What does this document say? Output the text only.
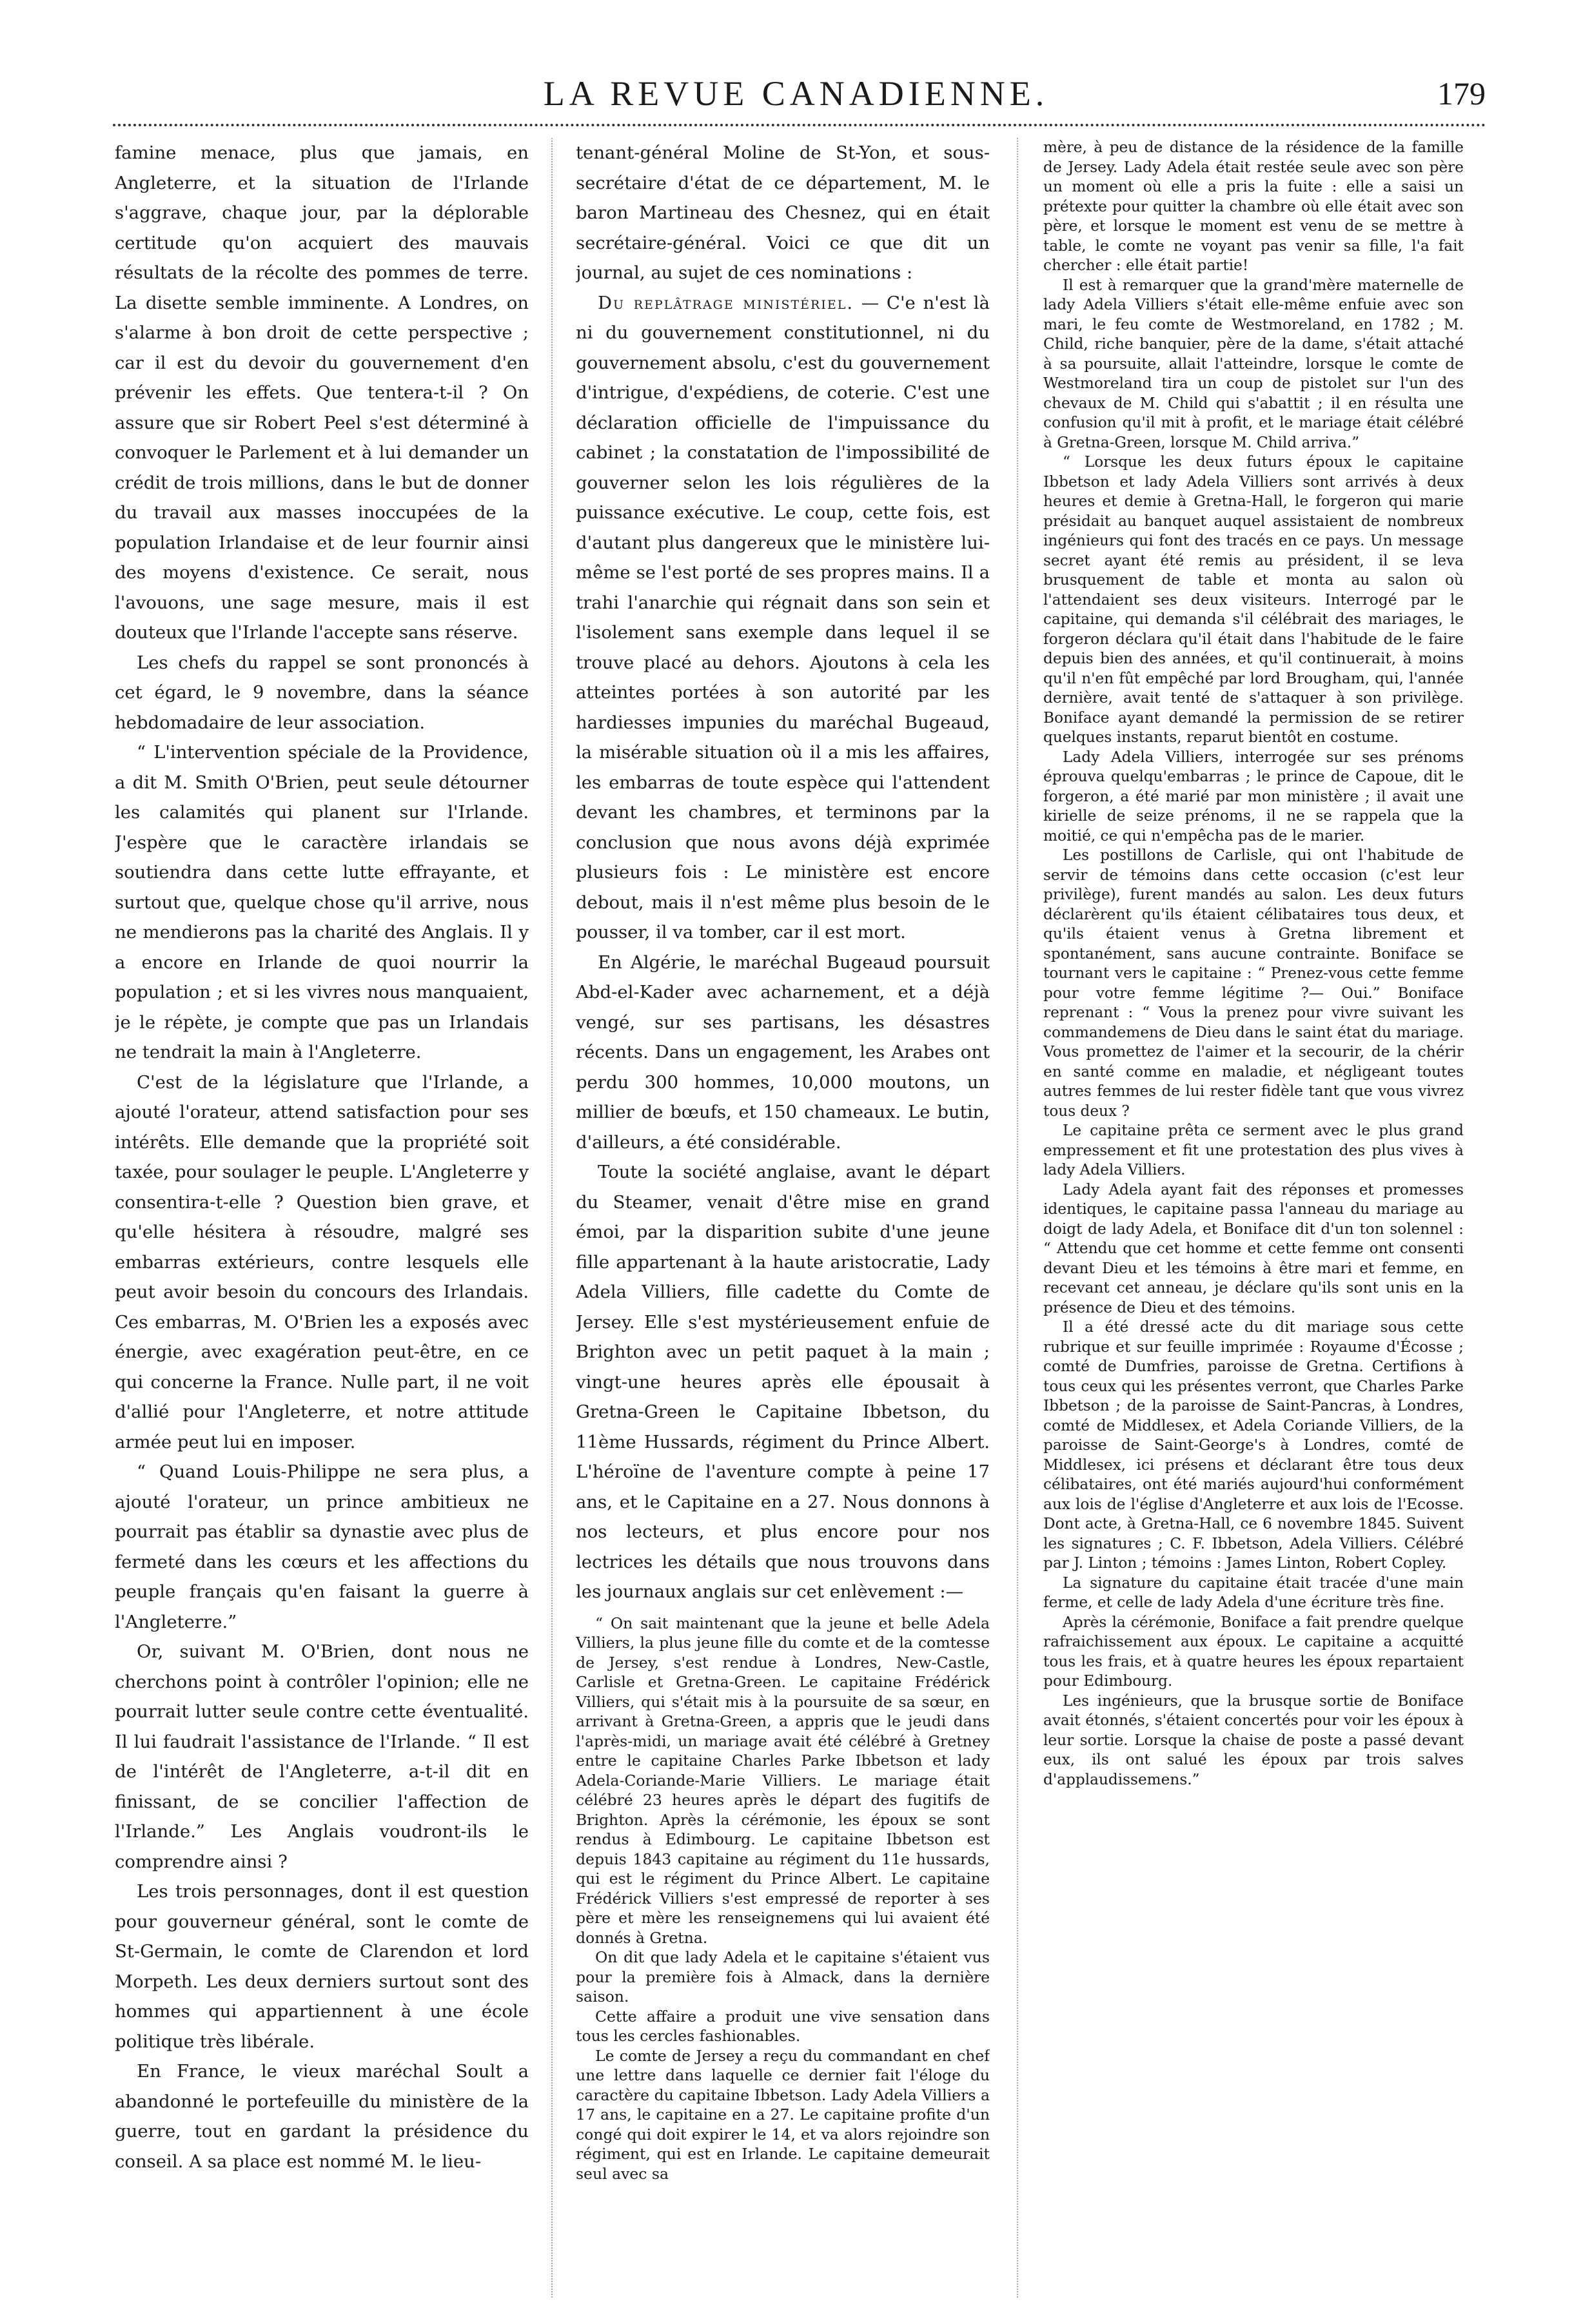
LA REVUE CANADIENNE.	179

famine menace, plus que jamais, en Angleterre, et la situation de l'Irlande s'aggrave, chaque jour, par la déplorable certitude qu'on acquiert des mauvais résultats de la récolte des pommes de terre. La disette semble imminente. A Londres, on s'alarme à bon droit de cette perspective ; car il est du devoir du gouvernement d'en prévenir les effets. Que tentera-t-il ? On assure que sir Robert Peel s'est déterminé à convoquer le Parlement et à lui demander un crédit de trois millions, dans le but de donner du travail aux masses inoccupées de la population Irlandaise et de leur fournir ainsi des moyens d'existence. Ce serait, nous l'avouons, une sage mesure, mais il est douteux que l'Irlande l'accepte sans réserve.

Les chefs du rappel se sont prononcés à cet égard, le 9 novembre, dans la séance hebdomadaire de leur association.

“ L'intervention spéciale de la Providence, a dit M. Smith O'Brien, peut seule détourner les calamités qui planent sur l'Irlande. J'espère que le caractère irlandais se soutiendra dans cette lutte effrayante, et surtout que, quelque chose qu'il arrive, nous ne mendierons pas la charité des Anglais. Il y a encore en Irlande de quoi nourrir la population ; et si les vivres nous manquaient, je le répète, je compte que pas un Irlandais ne tendrait la main à l'Angleterre.

C'est de la législature que l'Irlande, a ajouté l'orateur, attend satisfaction pour ses intérêts. Elle demande que la propriété soit taxée, pour soulager le peuple. L'Angleterre y consentira-t-elle ? Question bien grave, et qu'elle hésitera à résoudre, malgré ses embarras extérieurs, contre lesquels elle peut avoir besoin du concours des Irlandais. Ces embarras, M. O'Brien les a exposés avec énergie, avec exagération peut-être, en ce qui concerne la France. Nulle part, il ne voit d'allié pour l'Angleterre, et notre attitude armée peut lui en imposer.

“ Quand Louis-Philippe ne sera plus, a ajouté l'orateur, un prince ambitieux ne pourrait pas établir sa dynastie avec plus de fermeté dans les cœurs et les affections du peuple français qu'en faisant la guerre à l'Angleterre.”

Or, suivant M. O'Brien, dont nous ne cherchons point à contrôler l'opinion; elle ne pourrait lutter seule contre cette éventualité. Il lui faudrait l'assistance de l'Irlande. “ Il est de l'intérêt de l'Angleterre, a-t-il dit en finissant, de se concilier l'affection de l'Irlande.” Les Anglais voudront-ils le comprendre ainsi ?

Les trois personnages, dont il est question pour gouverneur général, sont le comte de St-Germain, le comte de Clarendon et lord Morpeth. Les deux derniers surtout sont des hommes qui appartiennent à une école politique très libérale.

En France, le vieux maréchal Soult a abandonné le portefeuille du ministère de la guerre, tout en gardant la présidence du conseil. A sa place est nommé M. le lieu-

tenant-général Moline de St-Yon, et sous-secrétaire d'état de ce département, M. le baron Martineau des Chesnez, qui en était secrétaire-général. Voici ce que dit un journal, au sujet de ces nominations :

Du replâtrage ministériel. — C'e n'est là ni du gouvernement constitutionnel, ni du gouvernement absolu, c'est du gouvernement d'intrigue, d'expédiens, de coterie. C'est une déclaration officielle de l'impuissance du cabinet ; la constatation de l'impossibilité de gouverner selon les lois régulières de la puissance exécutive. Le coup, cette fois, est d'autant plus dangereux que le ministère lui-même se l'est porté de ses propres mains. Il a trahi l'anarchie qui régnait dans son sein et l'isolement sans exemple dans lequel il se trouve placé au dehors. Ajoutons à cela les atteintes portées à son autorité par les hardiesses impunies du maréchal Bugeaud, la misérable situation où il a mis les affaires, les embarras de toute espèce qui l'attendent devant les chambres, et terminons par la conclusion que nous avons déjà exprimée plusieurs fois : Le ministère est encore debout, mais il n'est même plus besoin de le pousser, il va tomber, car il est mort.

En Algérie, le maréchal Bugeaud poursuit Abd-el-Kader avec acharnement, et a déjà vengé, sur ses partisans, les désastres récents. Dans un engagement, les Arabes ont perdu 300 hommes, 10,000 moutons, un millier de bœufs, et 150 chameaux. Le butin, d'ailleurs, a été considérable.

Toute la société anglaise, avant le départ du Steamer, venait d'être mise en grand émoi, par la disparition subite d'une jeune fille appartenant à la haute aristocratie, Lady Adela Villiers, fille cadette du Comte de Jersey. Elle s'est mystérieusement enfuie de Brighton avec un petit paquet à la main ; vingt-une heures après elle épousait à Gretna-Green le Capitaine Ibbetson, du 11ème Hussards, régiment du Prince Albert. L'héroïne de l'aventure compte à peine 17 ans, et le Capitaine en a 27. Nous donnons à nos lecteurs, et plus encore pour nos lectrices les détails que nous trouvons dans les journaux anglais sur cet enlèvement :—

“ On sait maintenant que la jeune et belle Adela Villiers, la plus jeune fille du comte et de la comtesse de Jersey, s'est rendue à Londres, New-Castle, Carlisle et Gretna-Green. Le capitaine Frédérick Villiers, qui s'était mis à la poursuite de sa sœur, en arrivant à Gretna-Green, a appris que le jeudi dans l'après-midi, un mariage avait été célébré à Gretney entre le capitaine Charles Parke Ibbetson et lady Adela-Coriande-Marie Villiers. Le mariage était célébré 23 heures après le départ des fugitifs de Brighton. Après la cérémonie, les époux se sont rendus à Edimbourg. Le capitaine Ibbetson est depuis 1843 capitaine au régiment du 11e hussards, qui est le régiment du Prince Albert. Le capitaine Frédérick Villiers s'est empressé de reporter à ses père et mère les renseignemens qui lui avaient été donnés à Gretna.

On dit que lady Adela et le capitaine s'étaient vus pour la première fois à Almack, dans la dernière saison.

Cette affaire a produit une vive sensation dans tous les cercles fashionables.

Le comte de Jersey a reçu du commandant en chef une lettre dans laquelle ce dernier fait l'éloge du caractère du capitaine Ibbetson. Lady Adela Villiers a 17 ans, le capitaine en a 27. Le capitaine profite d'un congé qui doit expirer le 14, et va alors rejoindre son régiment, qui est en Irlande. Le capitaine demeurait seul avec sa

mère, à peu de distance de la résidence de la famille de Jersey. Lady Adela était restée seule avec son père un moment où elle a pris la fuite : elle a saisi un prétexte pour quitter la chambre où elle était avec son père, et lorsque le moment est venu de se mettre à table, le comte ne voyant pas venir sa fille, l'a fait chercher : elle était partie!

Il est à remarquer que la grand'mère maternelle de lady Adela Villiers s'était elle-même enfuie avec son mari, le feu comte de Westmoreland, en 1782 ; M. Child, riche banquier, père de la dame, s'était attaché à sa poursuite, allait l'atteindre, lorsque le comte de Westmoreland tira un coup de pistolet sur l'un des chevaux de M. Child qui s'abattit ; il en résulta une confusion qu'il mit à profit, et le mariage était célébré à Gretna-Green, lorsque M. Child arriva.”

“ Lorsque les deux futurs époux le capitaine Ibbetson et lady Adela Villiers sont arrivés à deux heures et demie à Gretna-Hall, le forgeron qui marie présidait au banquet auquel assistaient de nombreux ingénieurs qui font des tracés en ce pays. Un message secret ayant été remis au président, il se leva brusquement de table et monta au salon où l'attendaient ses deux visiteurs. Interrogé par le capitaine, qui demanda s'il célébrait des mariages, le forgeron déclara qu'il était dans l'habitude de le faire depuis bien des années, et qu'il continuerait, à moins qu'il n'en fût empêché par lord Brougham, qui, l'année dernière, avait tenté de s'attaquer à son privilège. Boniface ayant demandé la permission de se retirer quelques instants, reparut bientôt en costume.

Lady Adela Villiers, interrogée sur ses prénoms éprouva quelqu'embarras ; le prince de Capoue, dit le forgeron, a été marié par mon ministère ; il avait une kirielle de seize prénoms, il ne se rappela que la moitié, ce qui n'empêcha pas de le marier.

Les postillons de Carlisle, qui ont l'habitude de servir de témoins dans cette occasion (c'est leur privilège), furent mandés au salon. Les deux futurs déclarèrent qu'ils étaient célibataires tous deux, et qu'ils étaient venus à Gretna librement et spontanément, sans aucune contrainte. Boniface se tournant vers le capitaine : “ Prenez-vous cette femme pour votre femme légitime ?— Oui.” Boniface reprenant : “ Vous la prenez pour vivre suivant les commandemens de Dieu dans le saint état du mariage. Vous promettez de l'aimer et la secourir, de la chérir en santé comme en maladie, et négligeant toutes autres femmes de lui rester fidèle tant que vous vivrez tous deux ?

Le capitaine prêta ce serment avec le plus grand empressement et fit une protestation des plus vives à lady Adela Villiers.

Lady Adela ayant fait des réponses et promesses identiques, le capitaine passa l'anneau du mariage au doigt de lady Adela, et Boniface dit d'un ton solennel : “ Attendu que cet homme et cette femme ont consenti devant Dieu et les témoins à être mari et femme, en recevant cet anneau, je déclare qu'ils sont unis en la présence de Dieu et des témoins.

Il a été dressé acte du dit mariage sous cette rubrique et sur feuille imprimée : Royaume d'Écosse ; comté de Dumfries, paroisse de Gretna. Certifions à tous ceux qui les présentes verront, que Charles Parke Ibbetson ; de la paroisse de Saint-Pancras, à Londres, comté de Middlesex, et Adela Coriande Villiers, de la paroisse de Saint-George's à Londres, comté de Middlesex, ici présens et déclarant être tous deux célibataires, ont été mariés aujourd'hui conformément aux lois de l'église d'Angleterre et aux lois de l'Ecosse. Dont acte, à Gretna-Hall, ce 6 novembre 1845. Suivent les signatures ; C. F. Ibbetson, Adela Villiers. Célébré par J. Linton ; témoins : James Linton, Robert Copley.

La signature du capitaine était tracée d'une main ferme, et celle de lady Adela d'une écriture très fine.

Après la cérémonie, Boniface a fait prendre quelque rafraichissement aux époux. Le capitaine a acquitté tous les frais, et à quatre heures les époux repartaient pour Edimbourg.

Les ingénieurs, que la brusque sortie de Boniface avait étonnés, s'étaient concertés pour voir les époux à leur sortie. Lorsque la chaise de poste a passé devant eux, ils ont salué les époux par trois salves d'applaudissemens.”
